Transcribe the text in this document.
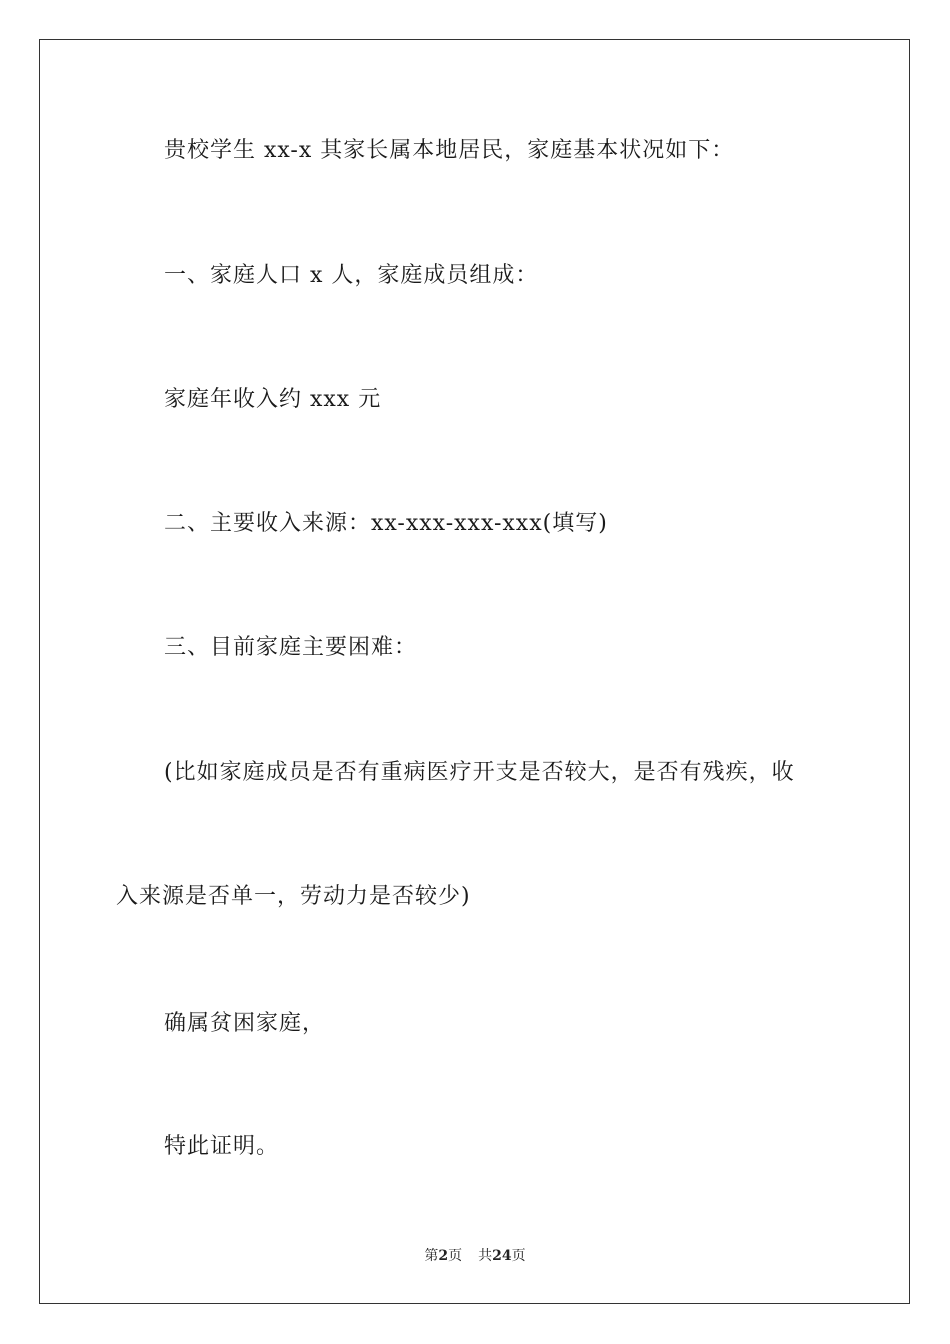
贵校学生 xx-x 其家长属本地居民，家庭基本状况如下：
一、家庭人口 x 人，家庭成员组成：
家庭年收入约 xxx 元
二、主要收入来源：xx-xxx-xxx-xxx(填写)
三、目前家庭主要困难：
(比如家庭成员是否有重病医疗开支是否较大，是否有残疾，收
入来源是否单一，劳动力是否较少)
确属贫困家庭，
特此证明。
第2页 共24页
